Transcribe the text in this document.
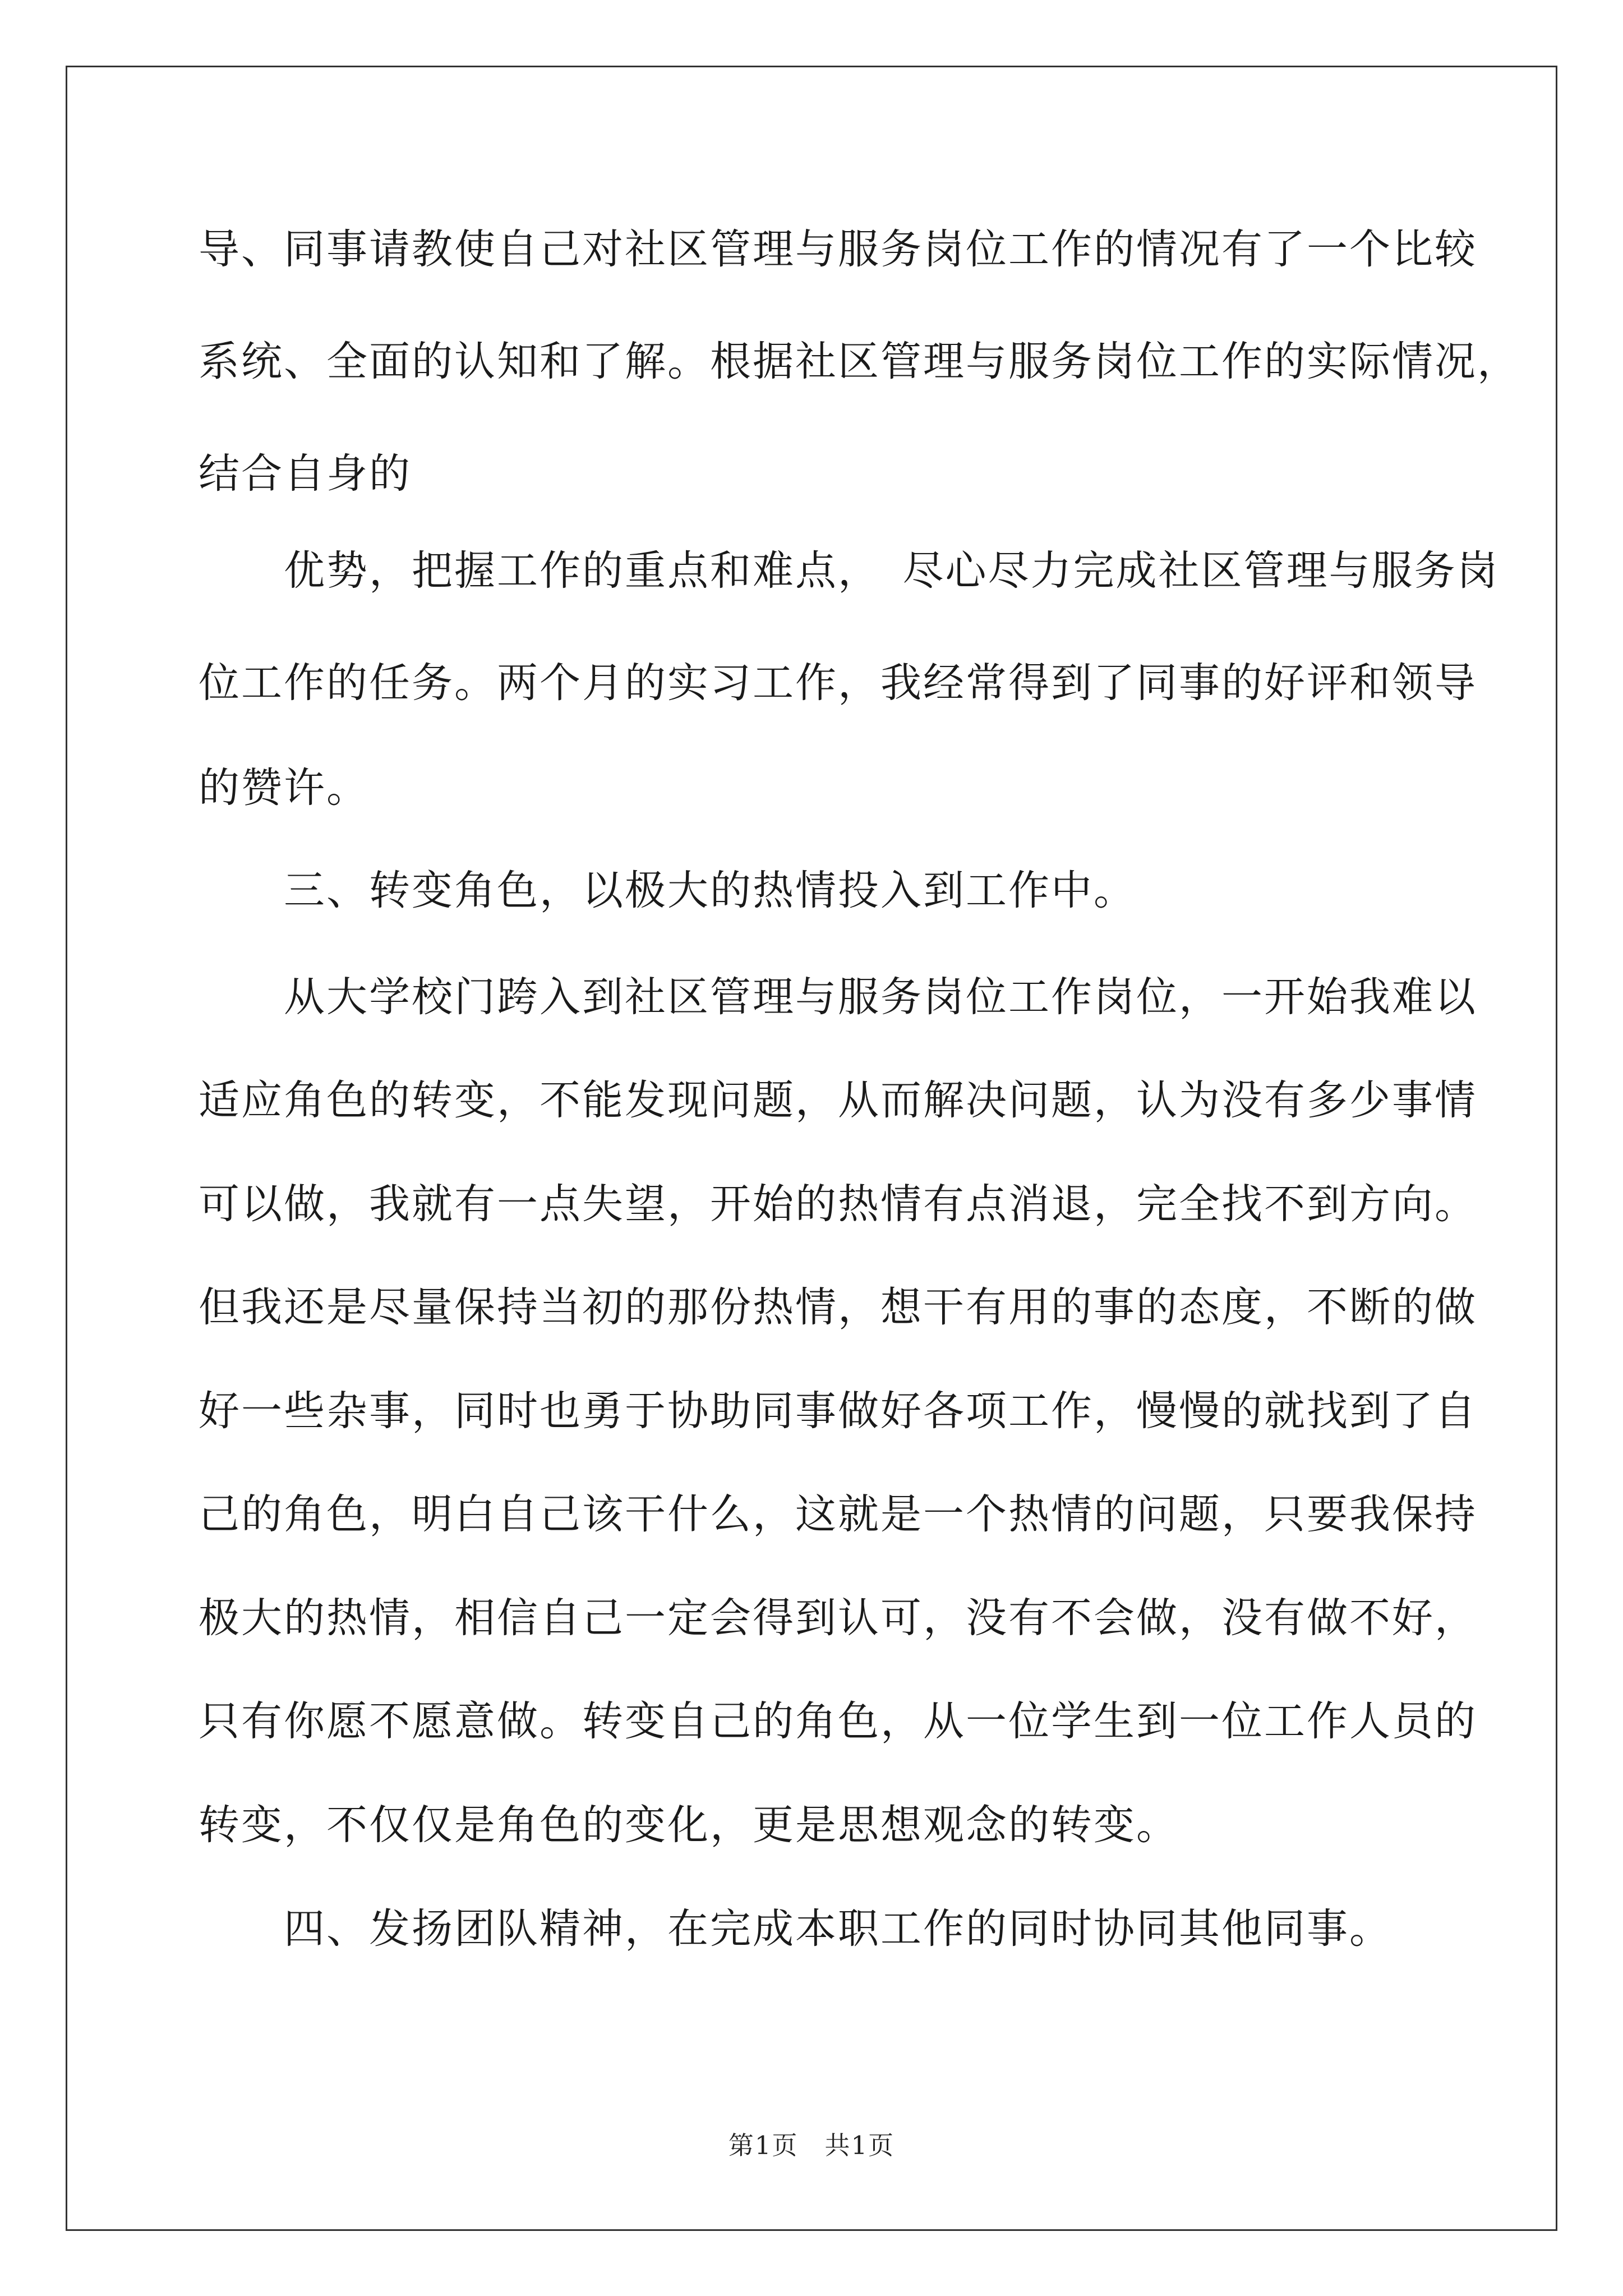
导、同事请教使自己对社区管理与服务岗位工作的情况有了一个比较
系统、全面的认知和了解。根据社区管理与服务岗位工作的实际情况，
结合自身的
　　优势，把握工作的重点和难点，　尽心尽力完成社区管理与服务岗
位工作的任务。两个月的实习工作，我经常得到了同事的好评和领导
的赞许。
　　三、转变角色，以极大的热情投入到工作中。
　　从大学校门跨入到社区管理与服务岗位工作岗位，一开始我难以
适应角色的转变，不能发现问题，从而解决问题，认为没有多少事情
可以做，我就有一点失望，开始的热情有点消退，完全找不到方向。
但我还是尽量保持当初的那份热情，想干有用的事的态度，不断的做
好一些杂事，同时也勇于协助同事做好各项工作，慢慢的就找到了自
己的角色，明白自己该干什么，这就是一个热情的问题，只要我保持
极大的热情，相信自己一定会得到认可，没有不会做，没有做不好，
只有你愿不愿意做。转变自己的角色，从一位学生到一位工作人员的
转变，不仅仅是角色的变化，更是思想观念的转变。
　　四、发扬团队精神，在完成本职工作的同时协同其他同事。
第1页　共1页
